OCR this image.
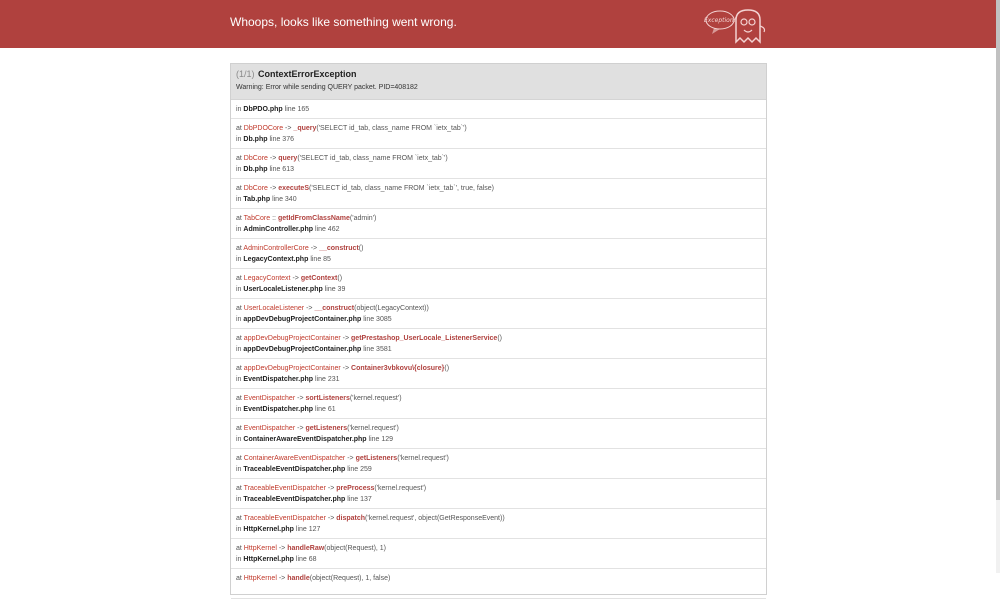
Whoops, looks like something went wrong.	Exception!
(1/1) ContextErrorException
Warning: Error while sending QUERY packet. PID=408182
in DbPDO.php line 165
at DbPDOCore -> _query('SELECT id_tab, class_name FROM `ietx_tab`')
in Db.php line 376
at DbCore -> query('SELECT id_tab, class_name FROM `ietx_tab`')
in Db.php line 613
at DbCore -> executeS('SELECT id_tab, class_name FROM `ietx_tab`', true, false)
in Tab.php line 340
at TabCore :: getIdFromClassName('admin')
in AdminController.php line 462
at AdminControllerCore -> __construct()
in LegacyContext.php line 85
at LegacyContext -> getContext()
in UserLocaleListener.php line 39
at UserLocaleListener -> __construct(object(LegacyContext))
in appDevDebugProjectContainer.php line 3085
at appDevDebugProjectContainer -> getPrestashop_UserLocale_ListenerService()
in appDevDebugProjectContainer.php line 3581
at appDevDebugProjectContainer -> Container3vbkovu\{closure}()
in EventDispatcher.php line 231
at EventDispatcher -> sortListeners('kernel.request')
in EventDispatcher.php line 61
at EventDispatcher -> getListeners('kernel.request')
in ContainerAwareEventDispatcher.php line 129
at ContainerAwareEventDispatcher -> getListeners('kernel.request')
in TraceableEventDispatcher.php line 259
at TraceableEventDispatcher -> preProcess('kernel.request')
in TraceableEventDispatcher.php line 137
at TraceableEventDispatcher -> dispatch('kernel.request', object(GetResponseEvent))
in HttpKernel.php line 127
at HttpKernel -> handleRaw(object(Request), 1)
in HttpKernel.php line 68
at HttpKernel -> handle(object(Request), 1, false)
